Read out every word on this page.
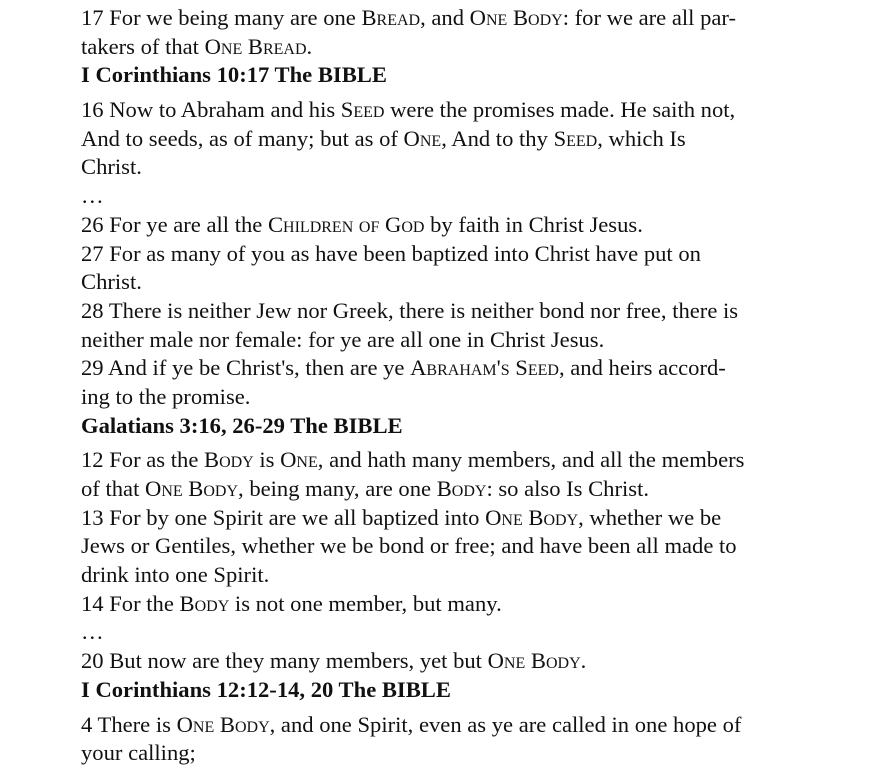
17 For we being many are one Bread, and One Body: for we are all par-
takers of that One Bread.
I Corinthians 10:17 The BIBLE
16 Now to Abraham and his Seed were the promises made. He saith not,
And to seeds, as of many; but as of One, And to thy Seed, which Is
Christ.
…
26 For ye are all the Children of God by faith in Christ Jesus.
27 For as many of you as have been baptized into Christ have put on
Christ.
28 There is neither Jew nor Greek, there is neither bond nor free, there is
neither male nor female: for ye are all one in Christ Jesus.
29 And if ye be Christ's, then are ye Abraham's Seed, and heirs accord-
ing to the promise.
Galatians 3:16, 26-29 The BIBLE
12 For as the Body is One, and hath many members, and all the members
of that One Body, being many, are one Body: so also Is Christ.
13 For by one Spirit are we all baptized into One Body, whether we be
Jews or Gentiles, whether we be bond or free; and have been all made to
drink into one Spirit.
14 For the Body is not one member, but many.
…
20 But now are they many members, yet but One Body.
I Corinthians 12:12-14, 20 The BIBLE
4 There is One Body, and one Spirit, even as ye are called in one hope of
your calling;
